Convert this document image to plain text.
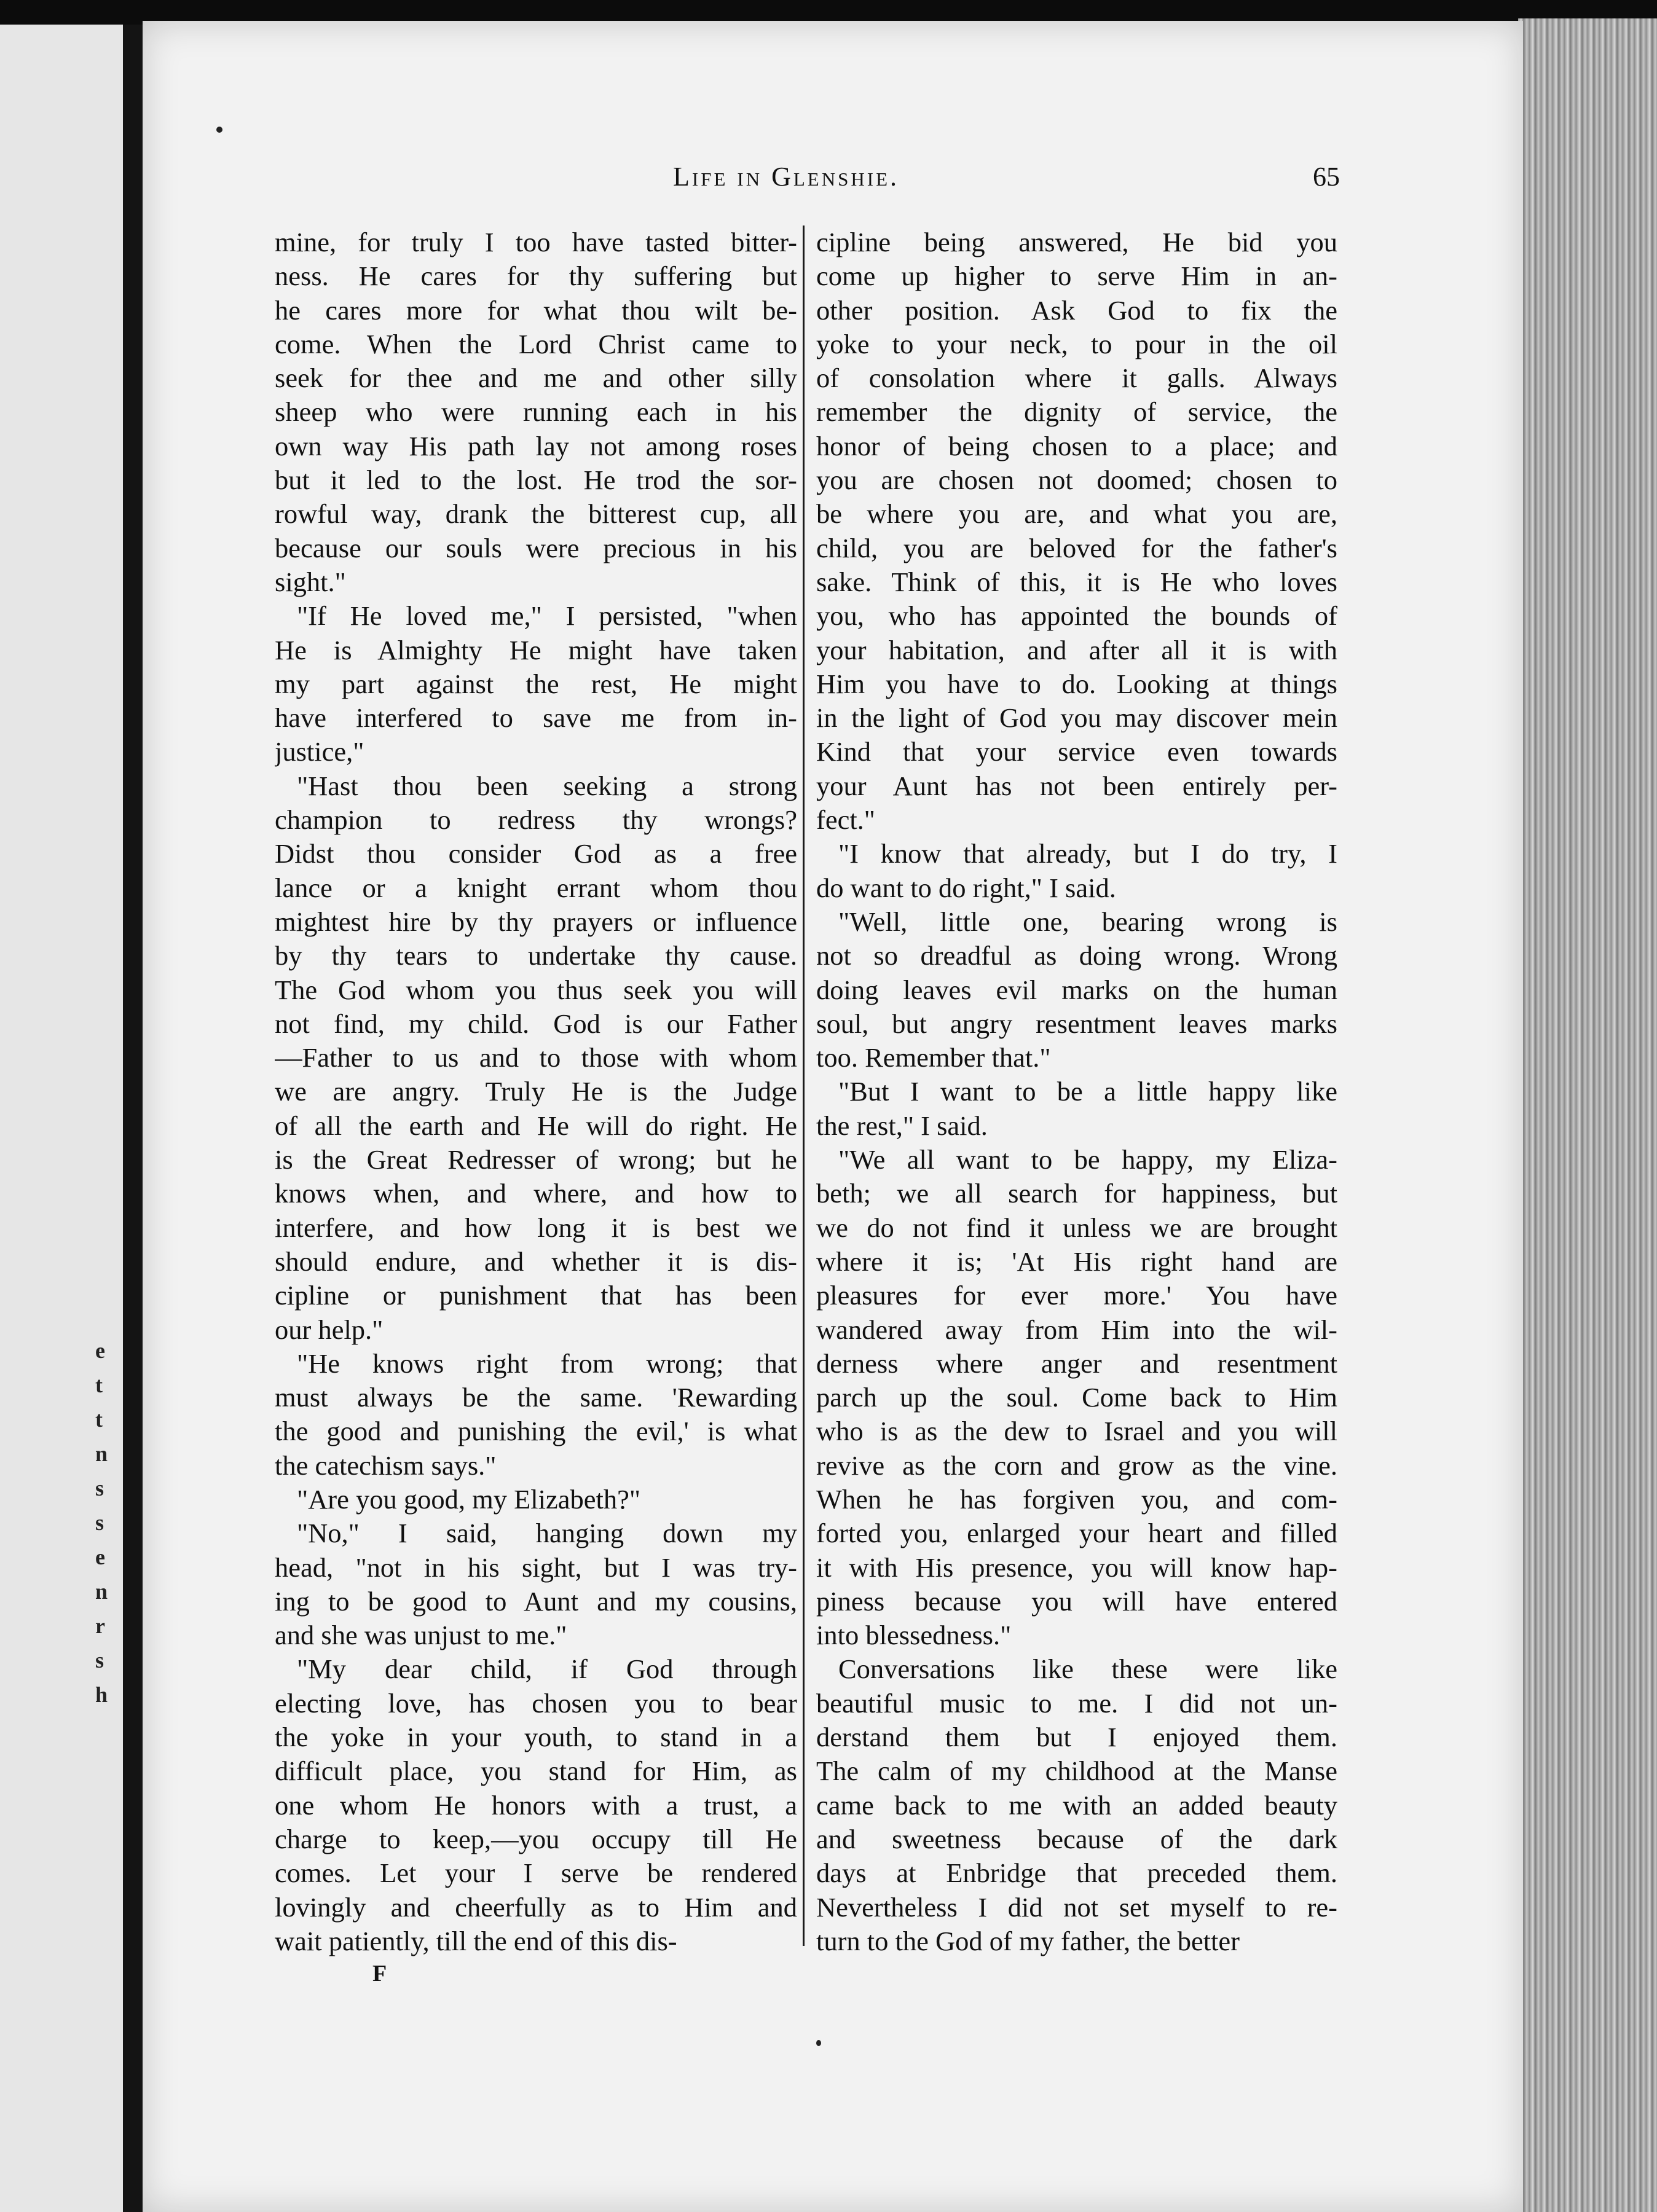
e
t
t
n
s
s
e
n
r
s
h
Life in Glenshie.	65
mine, for truly I too have tasted bitter-
ness. He cares for thy suffering but
he cares more for what thou wilt be-
come. When the Lord Christ came to
seek for thee and me and other silly
sheep who were running each in his
own way His path lay not among roses
but it led to the lost. He trod the sor-
rowful way, drank the bitterest cup, all
because our souls were precious in his
sight."
"If He loved me," I persisted, "when
He is Almighty He might have taken
my part against the rest, He might
have interfered to save me from in-
justice,"
"Hast thou been seeking a strong
champion to redress thy wrongs?
Didst thou consider God as a free
lance or a knight errant whom thou
mightest hire by thy prayers or influence
by thy tears to undertake thy cause.
The God whom you thus seek you will
not find, my child. God is our Father
—Father to us and to those with whom
we are angry. Truly He is the Judge
of all the earth and He will do right. He
is the Great Redresser of wrong; but he
knows when, and where, and how to
interfere, and how long it is best we
should endure, and whether it is dis-
cipline or punishment that has been
our help."
"He knows right from wrong; that
must always be the same. 'Rewarding
the good and punishing the evil,' is what
the catechism says."
"Are you good, my Elizabeth?"
"No," I said, hanging down my
head, "not in his sight, but I was try-
ing to be good to Aunt and my cousins,
and she was unjust to me."
"My dear child, if God through
electing love, has chosen you to bear
the yoke in your youth, to stand in a
difficult place, you stand for Him, as
one whom He honors with a trust, a
charge to keep,—you occupy till He
comes. Let your I serve be rendered
lovingly and cheerfully as to Him and
wait patiently, till the end of this dis-
cipline being answered, He bid you
come up higher to serve Him in an-
other position. Ask God to fix the
yoke to your neck, to pour in the oil
of consolation where it galls. Always
remember the dignity of service, the
honor of being chosen to a place; and
you are chosen not doomed; chosen to
be where you are, and what you are,
child, you are beloved for the father's
sake. Think of this, it is He who loves
you, who has appointed the bounds of
your habitation, and after all it is with
Him you have to do. Looking at things
in the light of God you may discover mein
Kind that your service even towards
your Aunt has not been entirely per-
fect."
"I know that already, but I do try, I
do want to do right," I said.
"Well, little one, bearing wrong is
not so dreadful as doing wrong. Wrong
doing leaves evil marks on the human
soul, but angry resentment leaves marks
too. Remember that."
"But I want to be a little happy like
the rest," I said.
"We all want to be happy, my Eliza-
beth; we all search for happiness, but
we do not find it unless we are brought
where it is; 'At His right hand are
pleasures for ever more.' You have
wandered away from Him into the wil-
derness where anger and resentment
parch up the soul. Come back to Him
who is as the dew to Israel and you will
revive as the corn and grow as the vine.
When he has forgiven you, and com-
forted you, enlarged your heart and filled
it with His presence, you will know hap-
piness because you will have entered
into blessedness."
Conversations like these were like
beautiful music to me. I did not un-
derstand them but I enjoyed them.
The calm of my childhood at the Manse
came back to me with an added beauty
and sweetness because of the dark
days at Enbridge that preceded them.
Nevertheless I did not set myself to re-
turn to the God of my father, the better
F
